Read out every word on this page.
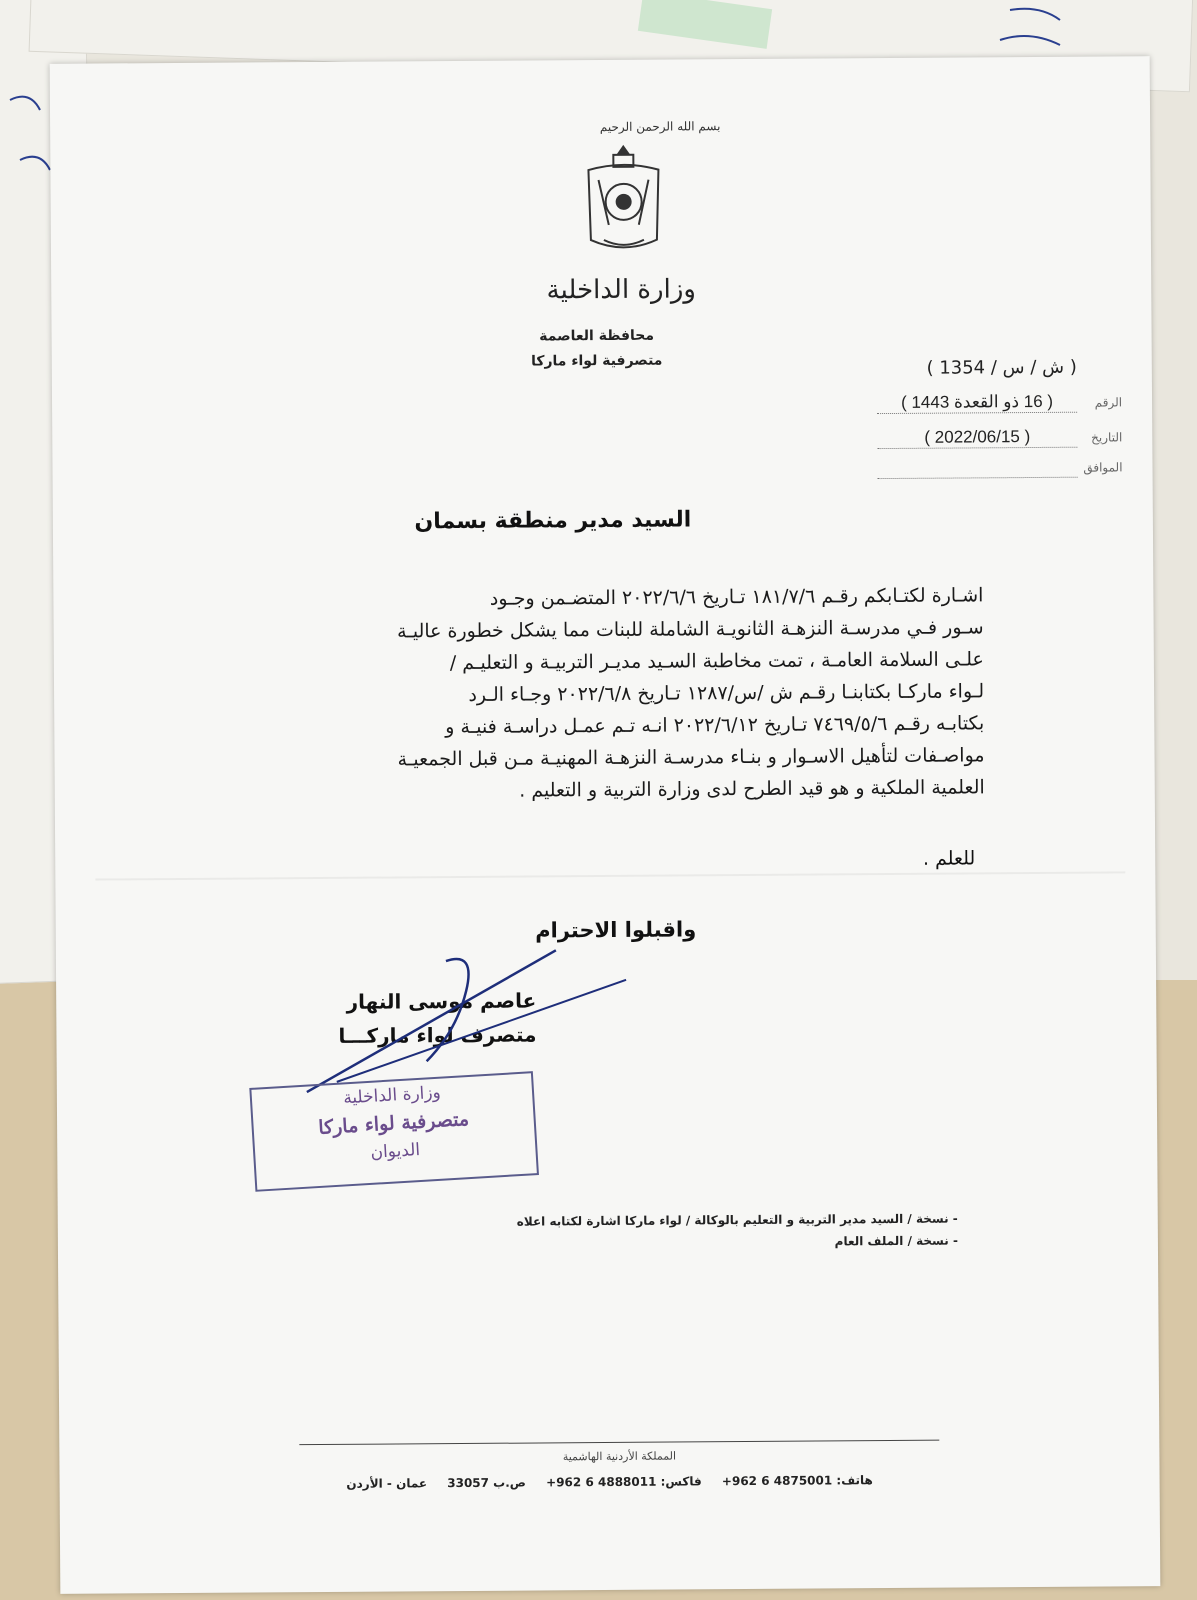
بسم الله الرحمن الرحيم
وزارة الداخلية
محافظة العاصمة
متصرفية لواء ماركا	( ش / س / 1354 )
الرقم( 16 ذو القعدة 1443 )
التاريخ( 2022/06/15 )
الموافق
السيد مدير منطقة بسمان

اشـارة لكتـابكم رقـم ١٨١/٧/٦ تـاريخ ٢٠٢٢/٦/٦ المتضـمن وجـود

سـور فـي مدرسـة النزهـة الثانويـة الشاملة للبنات مما يشكل خطورة عاليـة

علـى السلامة العامـة ، تمت مخاطبة السـيد مديـر التربيـة و التعليـم /

لـواء ماركـا بكتابنـا رقـم ش /س/١٢٨٧ تـاريخ ٢٠٢٢/٦/٨ وجـاء الـرد

بكتابـه رقـم ٧٤٦٩/٥/٦ تـاريخ ٢٠٢٢/٦/١٢ انـه تـم عمـل دراسـة فنيـة و

مواصـفات لتأهيل الاسـوار و بنـاء مدرسـة النزهـة المهنيـة مـن قبل الجمعيـة

العلمية الملكية و هو قيد الطرح لدى وزارة التربية و التعليم .

للعلم .
واقبلوا الاحترام
عاصم موسى النهار
متصرف لواء ماركـــا
وزارة الداخلية
متصرفية لواء ماركا
الديوان
- نسخة / السيد مدير التربية و التعليم بالوكالة / لواء ماركا اشارة لكتابه اعلاه
- نسخة / الملف العام
المملكة الأردنية الهاشمية
هاتف: 4875001 6 962+ فاكس: 4888011 6 962+ ص.ب 33057 عمان - الأردن
